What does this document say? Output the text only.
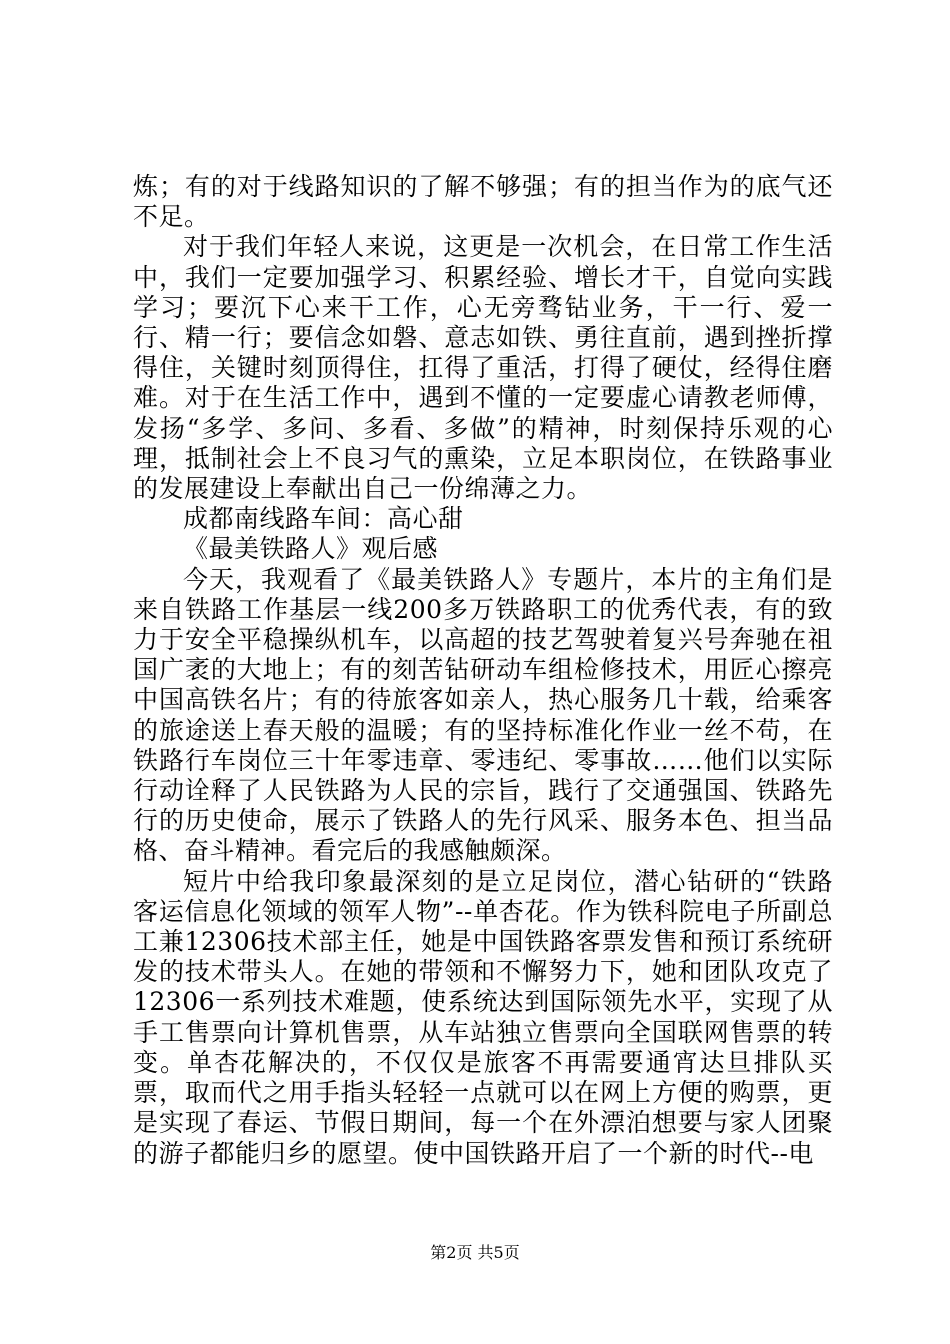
炼；有的对于线路知识的了解不够强；有的担当作为的底气还不足。

对于我们年轻人来说，这更是一次机会，在日常工作生活中，我们一定要加强学习、积累经验、增长才干，自觉向实践学习；要沉下心来干工作，心无旁骛钻业务，干一行、爱一行、精一行；要信念如磐、意志如铁、勇往直前，遇到挫折撑得住，关键时刻顶得住，扛得了重活，打得了硬仗，经得住磨难。对于在生活工作中，遇到不懂的一定要虚心请教老师傅，发扬“多学、多问、多看、多做”的精神，时刻保持乐观的心理，抵制社会上不良习气的熏染，立足本职岗位，在铁路事业的发展建设上奉献出自己一份绵薄之力。

成都南线路车间：高心甜

《最美铁路人》观后感

今天，我观看了《最美铁路人》专题片，本片的主角们是来自铁路工作基层一线200多万铁路职工的优秀代表，有的致力于安全平稳操纵机车，以高超的技艺驾驶着复兴号奔驰在祖国广袤的大地上；有的刻苦钻研动车组检修技术，用匠心擦亮中国高铁名片；有的待旅客如亲人，热心服务几十载，给乘客的旅途送上春天般的温暖；有的坚持标准化作业一丝不苟，在铁路行车岗位三十年零违章、零违纪、零事故……他们以实际行动诠释了人民铁路为人民的宗旨，践行了交通强国、铁路先行的历史使命，展示了铁路人的先行风采、服务本色、担当品格、奋斗精神。看完后的我感触颇深。

短片中给我印象最深刻的是立足岗位，潜心钻研的“铁路客运信息化领域的领军人物”--单杏花。作为铁科院电子所副总工兼12306技术部主任，她是中国铁路客票发售和预订系统研发的技术带头人。在她的带领和不懈努力下，她和团队攻克了12306一系列技术难题，使系统达到国际领先水平，实现了从手工售票向计算机售票，从车站独立售票向全国联网售票的转变。单杏花解决的，不仅仅是旅客不再需要通宵达旦排队买票，取而代之用手指头轻轻一点就可以在网上方便的购票，更是实现了春运、节假日期间，每一个在外漂泊想要与家人团聚的游子都能归乡的愿望。使中国铁路开启了一个新的时代--电

第2页 共5页
